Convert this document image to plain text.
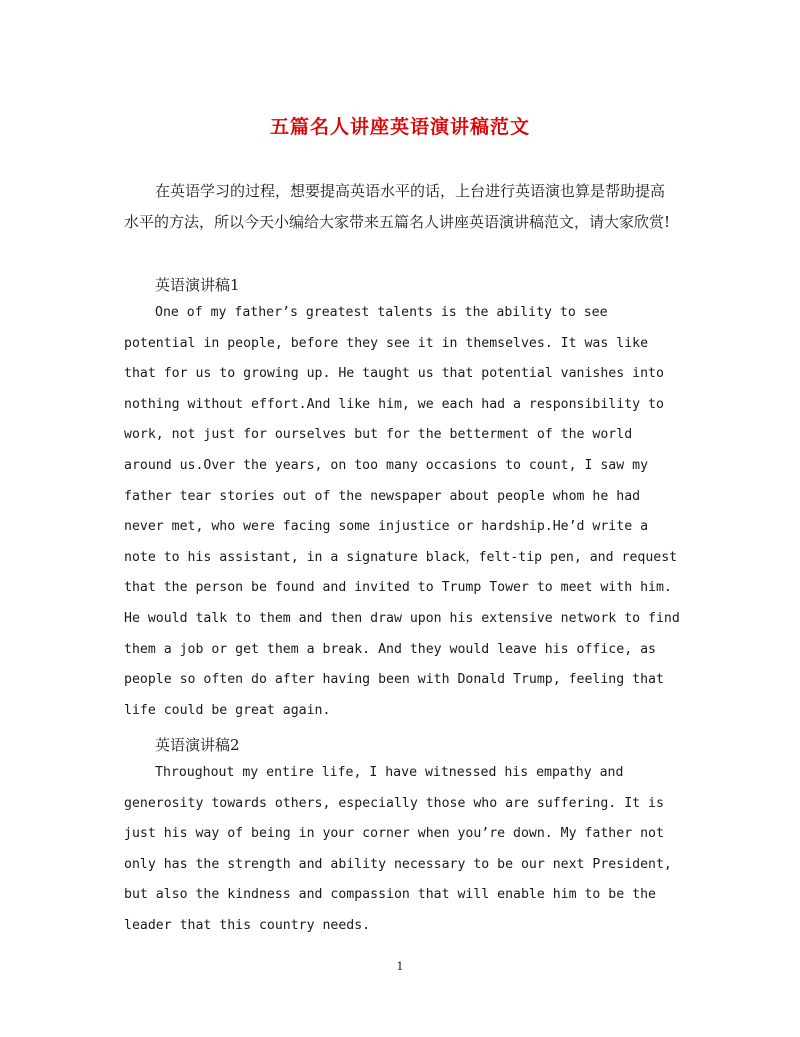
五篇名人讲座英语演讲稿范文
在英语学习的过程，想要提高英语水平的话，上台进行英语演也算是帮助提高水平的方法，所以今天小编给大家带来五篇名人讲座英语演讲稿范文，请大家欣赏!
英语演讲稿1
One of my father’s greatest talents is the ability to see potential in people, before they see it in themselves. It was like that for us to growing up. He taught us that potential vanishes into nothing without effort.And like him, we each had a responsibility to work, not just for ourselves but for the betterment of the world around us.Over the years, on too many occasions to count, I saw my father tear stories out of the newspaper about people whom he had never met, who were facing some injustice or hardship.He’d write a note to his assistant, in a signature black，felt-tip pen, and request that the person be found and invited to Trump Tower to meet with him. He would talk to them and then draw upon his extensive network to find them a job or get them a break. And they would leave his office, as people so often do after having been with Donald Trump, feeling that life could be great again.
英语演讲稿2
Throughout my entire life, I have witnessed his empathy and generosity towards others, especially those who are suffering. It is just his way of being in your corner when you’re down. My father not only has the strength and ability necessary to be our next President, but also the kindness and compassion that will enable him to be the leader that this country needs.
1
